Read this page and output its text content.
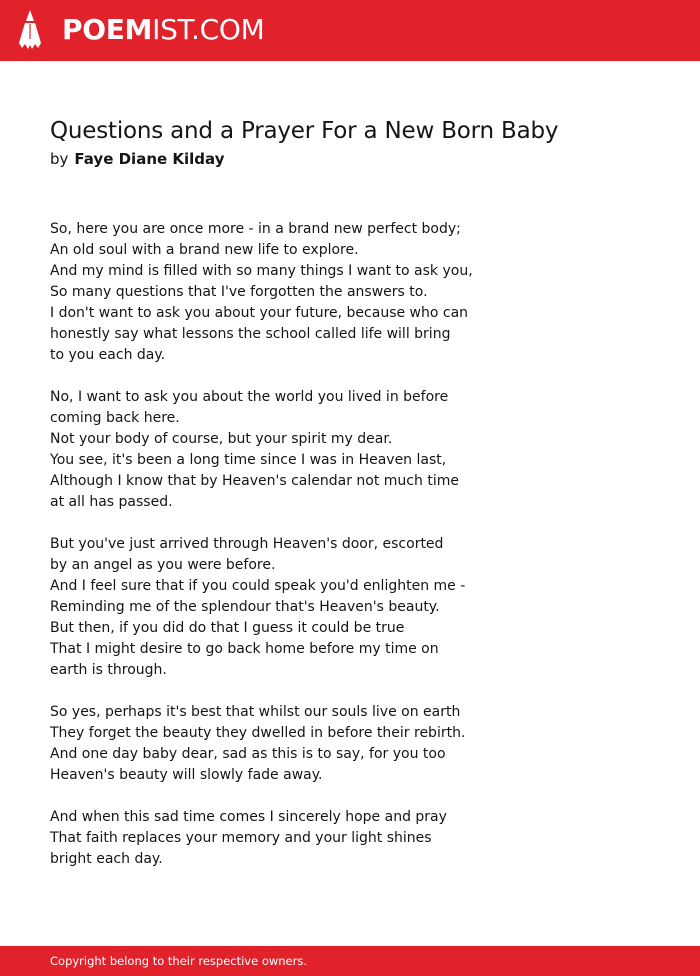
POEMIST.COM
Questions and a Prayer For a New Born Baby
by Faye Diane Kilday
So, here you are once more - in a brand new perfect body;
An old soul with a brand new life to explore.
And my mind is filled with so many things I want to ask you,
So many questions that I've forgotten the answers to.
I don't want to ask you about your future, because who can
honestly say what lessons the school called life will bring
to you each day.
No, I want to ask you about the world you lived in before
coming back here.
Not your body of course, but your spirit my dear.
You see, it's been a long time since I was in Heaven last,
Although I know that by Heaven's calendar not much time
at all has passed.
But you've just arrived through Heaven's door, escorted
by an angel as you were before.
And I feel sure that if you could speak you'd enlighten me -
Reminding me of the splendour that's Heaven's beauty.
But then, if you did do that I guess it could be true
That I might desire to go back home before my time on
earth is through.
So yes, perhaps it's best that whilst our souls live on earth
They forget the beauty they dwelled in before their rebirth.
And one day baby dear, sad as this is to say, for you too
Heaven's beauty will slowly fade away.
And when this sad time comes I sincerely hope and pray
That faith replaces your memory and your light shines
bright each day.
Copyright belong to their respective owners.
